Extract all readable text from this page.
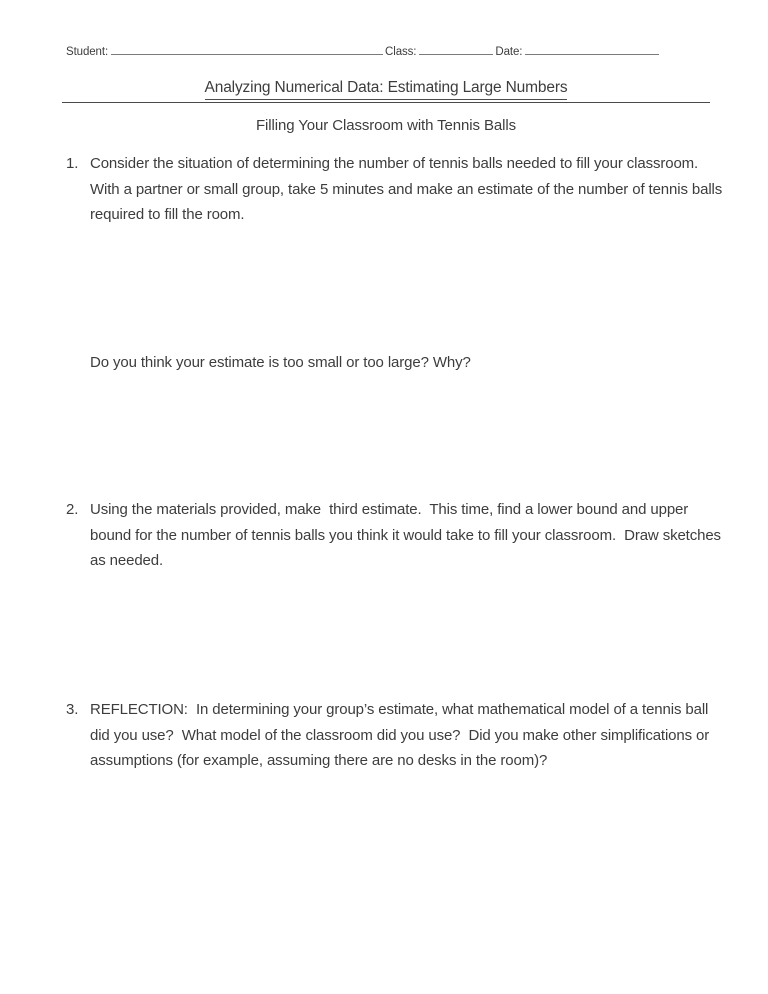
Student:	Class:	Date:
Analyzing Numerical Data: Estimating Large Numbers
Filling Your Classroom with Tennis Balls
1. Consider the situation of determining the number of tennis balls needed to fill your classroom.  With a partner or small group, take 5 minutes and make an estimate of the number of tennis balls required to fill the room.
Do you think your estimate is too small or too large? Why?
2. Using the materials provided, make  third estimate.  This time, find a lower bound and upper bound for the number of tennis balls you think it would take to fill your classroom.  Draw sketches as needed.
3. REFLECTION:  In determining your group’s estimate, what mathematical model of a tennis ball did you use?  What model of the classroom did you use?  Did you make other simplifications or assumptions (for example, assuming there are no desks in the room)?
